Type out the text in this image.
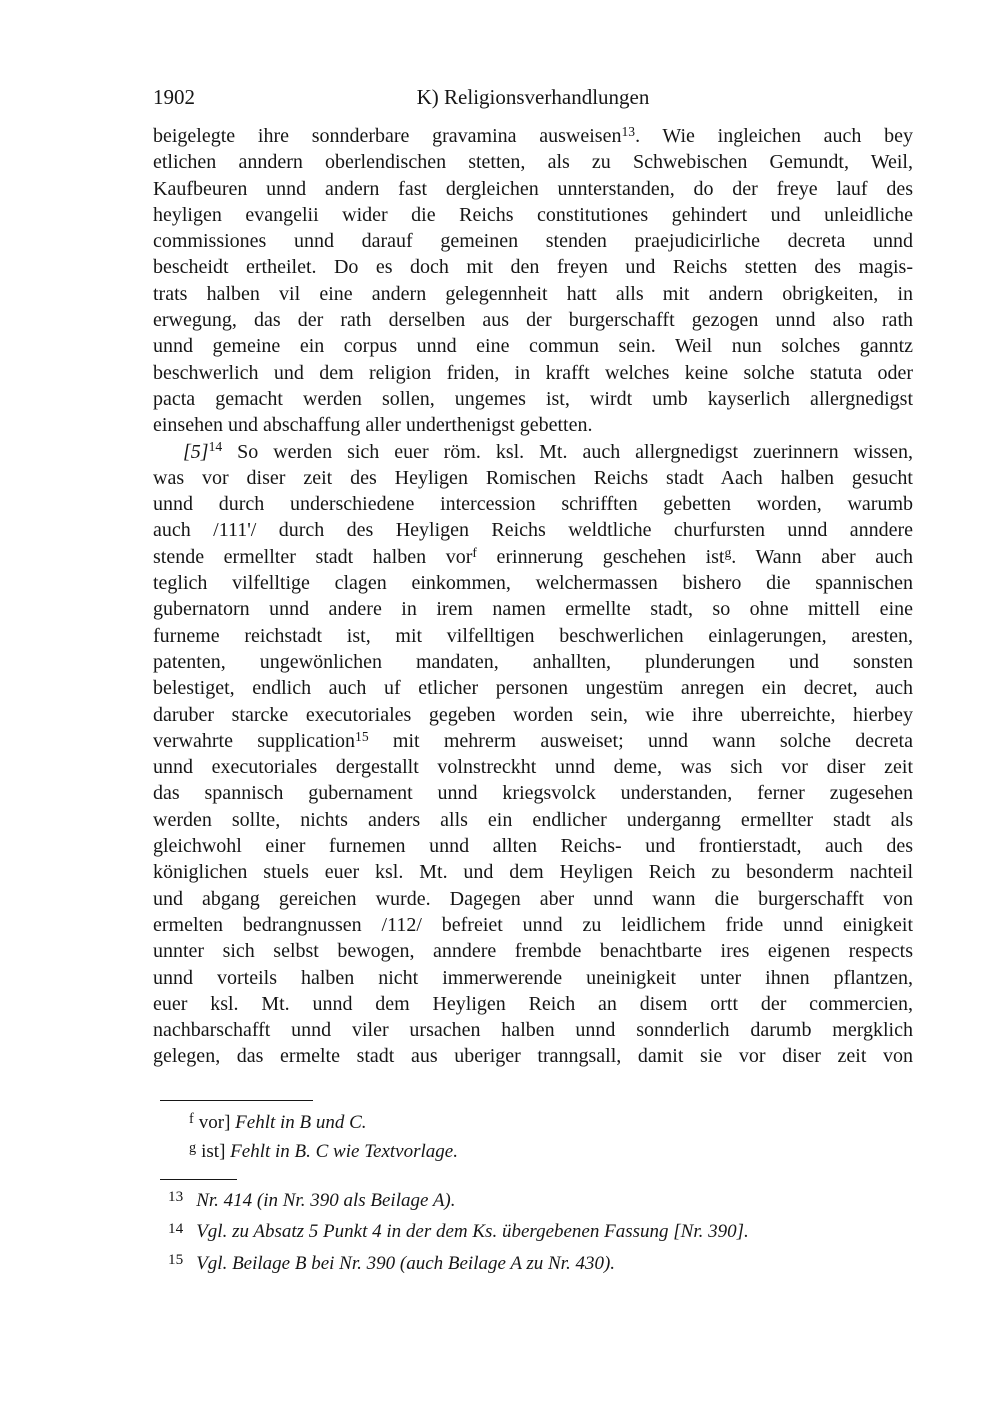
1902	K) Religionsverhandlungen
beigelegte ihre sonnderbare gravamina ausweisen$^{13}$. Wie ingleichen auch bey
etlichen anndern oberlendischen stetten, als zu Schwebischen Gemundt, Weil,
Kaufbeuren unnd andern fast dergleichen unnterstanden, do der freye lauf des
heyligen evangelii wider die Reichs constitutiones gehindert und unleidliche
commissiones unnd darauf gemeinen stenden praejudicirliche decreta unnd
bescheidt ertheilet. Do es doch mit den freyen und Reichs stetten des magis-
trats halben vil eine andern gelegennheit hatt alls mit andern obrigkeiten, in
erwegung, das der rath derselben aus der burgerschafft gezogen unnd also rath
unnd gemeine ein corpus unnd eine commun sein. Weil nun solches ganntz
beschwerlich und dem religion friden, in krafft welches keine solche statuta oder
pacta gemacht werden sollen, ungemes ist, wirdt umb kayserlich allergnedigst
einsehen und abschaffung aller underthenigst gebetten.
$[5]^{14}$ So werden sich euer röm. ksl. Mt. auch allergnedigst zuerinnern wissen,
was vor diser zeit des Heyligen Romischen Reichs stadt Aach halben gesucht
unnd durch underschiedene intercession schrifften gebetten worden, warumb
auch /111'/ durch des Heyligen Reichs weldtliche churfursten unnd anndere
stende ermellter stadt halben vor$^f$ erinnerung geschehen ist$^g$. Wann aber auch
teglich vilfelltige clagen einkommen, welchermassen bishero die spannischen
gubernatorn unnd andere in irem namen ermellte stadt, so ohne mittell eine
furneme reichstadt ist, mit vilfelltigen beschwerlichen einlagerungen, aresten,
patenten, ungewönlichen mandaten, anhallten, plunderungen und sonsten
belestiget, endlich auch uf etlicher personen ungestüm anregen ein decret, auch
daruber starcke executoriales gegeben worden sein, wie ihre uberreichte, hierbey
verwahrte supplication$^{15}$ mit mehrerm ausweiset; unnd wann solche decreta
unnd executoriales dergestallt volnstreckht unnd deme, was sich vor diser zeit
das spannisch gubernament unnd kriegsvolck understanden, ferner zugesehen
werden sollte, nichts anders alls ein endlicher underganng ermellter stadt als
gleichwohl einer furnemen unnd allten Reichs- und frontierstadt, auch des
königlichen stuels euer ksl. Mt. und dem Heyligen Reich zu besonderm nachteil
und abgang gereichen wurde. Dagegen aber unnd wann die burgerschafft von
ermelten bedrangnussen /112/ befreiet unnd zu leidlichem fride unnd einigkeit
unnter sich selbst bewogen, anndere frembde benachtbarte ires eigenen respects
unnd vorteils halben nicht immerwerende uneinigkeit unter ihnen pflantzen,
euer ksl. Mt. unnd dem Heyligen Reich an disem ortt der commercien,
nachbarschafft unnd viler ursachen halben unnd sonnderlich darumb mergklich
gelegen, das ermelte stadt aus uberiger tranngsall, damit sie vor diser zeit von
$^f$ vor] Fehlt in B und C.
$^g$ ist] Fehlt in B. C wie Textvorlage.
$^{13}$ Nr. 414 (in Nr. 390 als Beilage A).
$^{14}$ Vgl. zu Absatz 5 Punkt 4 in der dem Ks. übergebenen Fassung [Nr. 390].
$^{15}$ Vgl. Beilage B bei Nr. 390 (auch Beilage A zu Nr. 430).
